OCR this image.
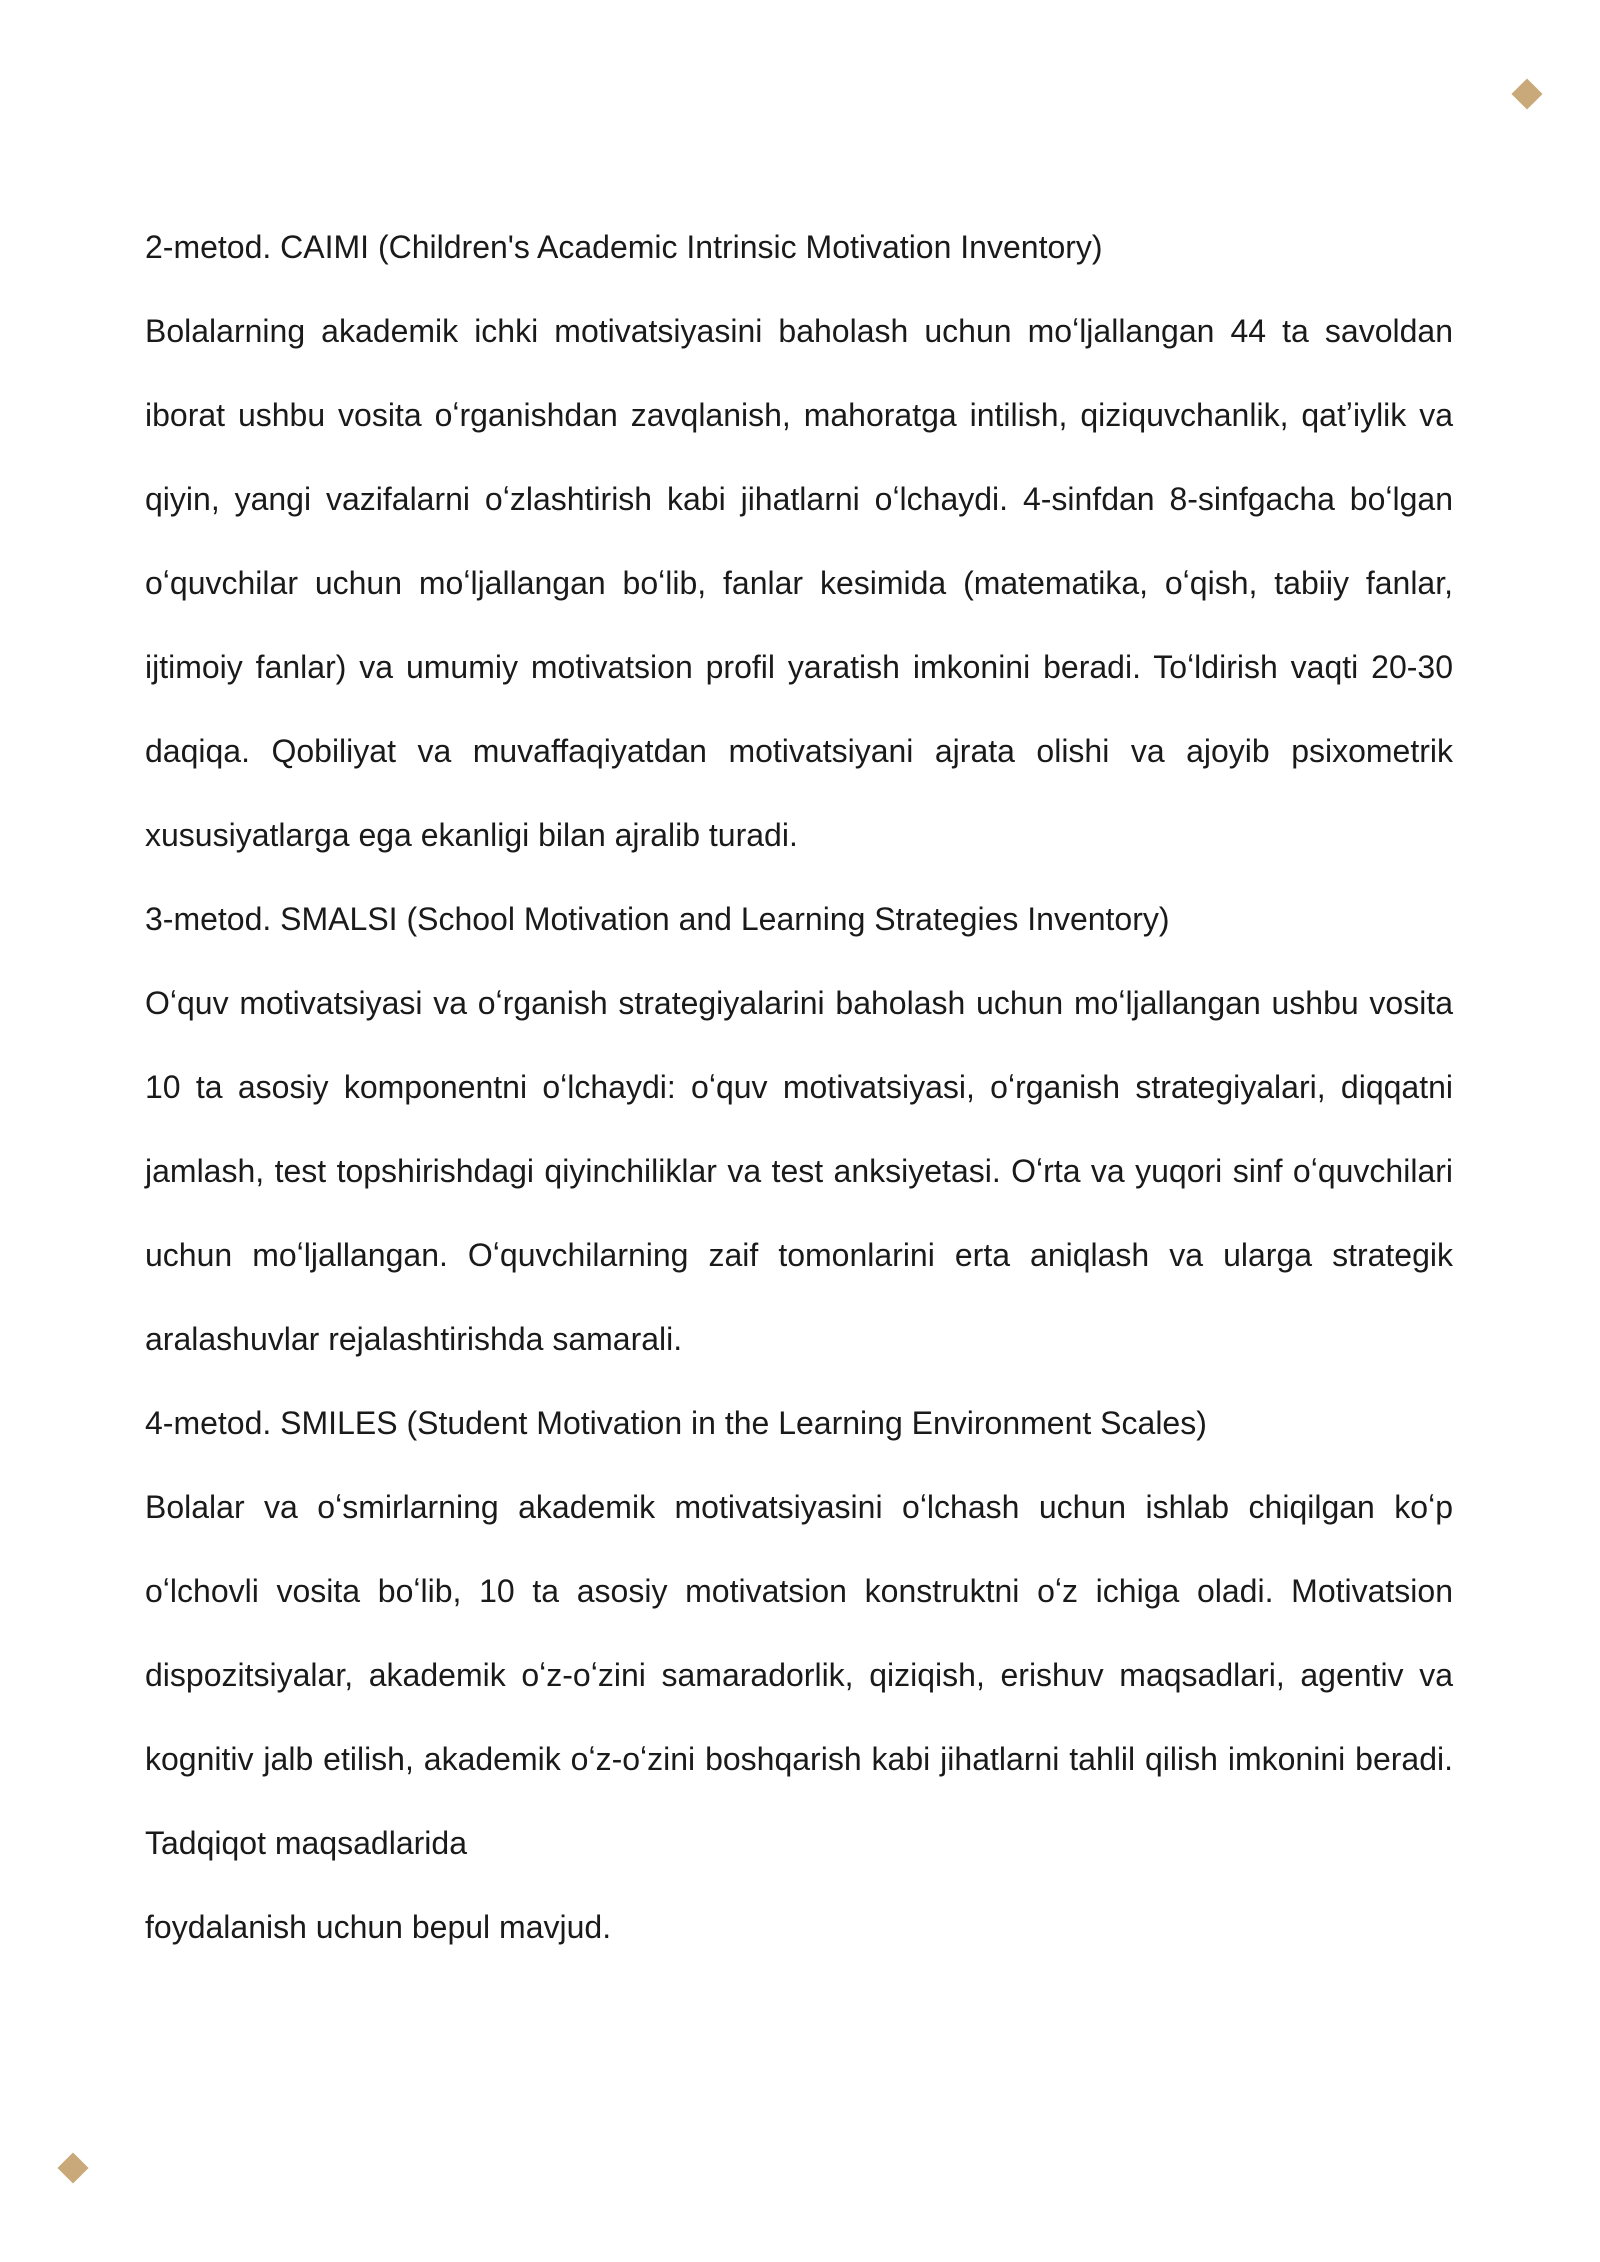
2-metod. CAIMI (Children's Academic Intrinsic Motivation Inventory)

Bolalarning akademik ichki motivatsiyasini baholash uchun moʻljallangan 44 ta savoldan iborat ushbu vosita oʻrganishdan zavqlanish, mahoratga intilish, qiziquvchanlik, qatʼiylik va qiyin, yangi vazifalarni oʻzlashtirish kabi jihatlarni oʻlchaydi. 4-sinfdan 8-sinfgacha boʻlgan oʻquvchilar uchun moʻljallangan boʻlib, fanlar kesimida (matematika, oʻqish, tabiiy fanlar, ijtimoiy fanlar) va umumiy motivatsion profil yaratish imkonini beradi. Toʻldirish vaqti 20-30 daqiqa. Qobiliyat va muvaffaqiyatdan motivatsiyani ajrata olishi va ajoyib psixometrik xususiyatlarga ega ekanligi bilan ajralib turadi.

3-metod. SMALSI (School Motivation and Learning Strategies Inventory)

Oʻquv motivatsiyasi va oʻrganish strategiyalarini baholash uchun moʻljallangan ushbu vosita 10 ta asosiy komponentni oʻlchaydi: oʻquv motivatsiyasi, oʻrganish strategiyalari, diqqatni jamlash, test topshirishdagi qiyinchiliklar va test anksiyetasi. Oʻrta va yuqori sinf oʻquvchilari uchun moʻljallangan. Oʻquvchilarning zaif tomonlarini erta aniqlash va ularga strategik aralashuvlar rejalashtirishda samarali.

4-metod. SMILES (Student Motivation in the Learning Environment Scales)

Bolalar va oʻsmirlarning akademik motivatsiyasini oʻlchash uchun ishlab chiqilgan koʻp oʻlchovli vosita boʻlib, 10 ta asosiy motivatsion konstruktni oʻz ichiga oladi. Motivatsion dispozitsiyalar, akademik oʻz-oʻzini samaradorlik, qiziqish, erishuv maqsadlari, agentiv va kognitiv jalb etilish, akademik oʻz-oʻzini boshqarish kabi jihatlarni tahlil qilish imkonini beradi. Tadqiqot maqsadlarida

foydalanish uchun bepul mavjud.
